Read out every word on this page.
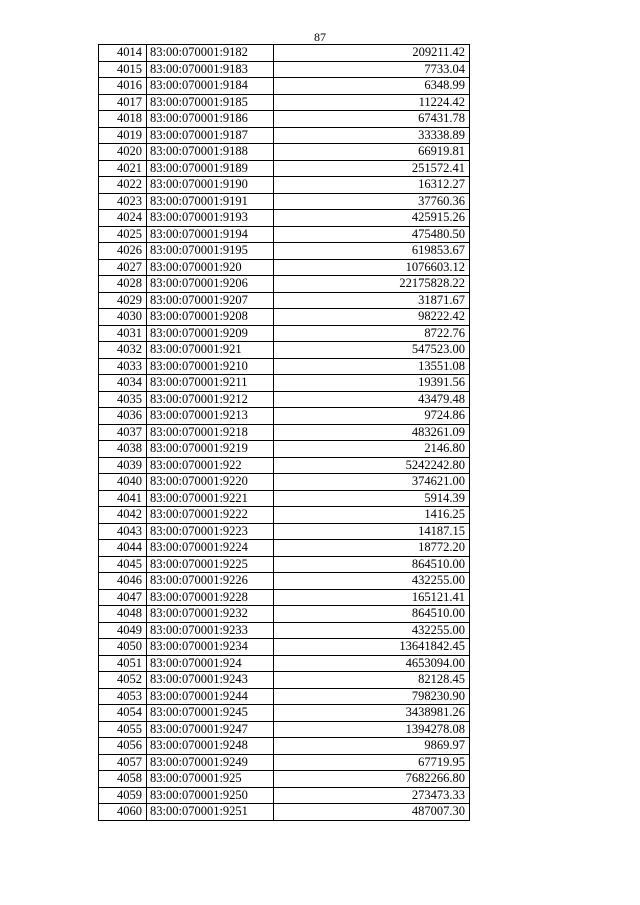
87
4014	83:00:070001:9182	209211.42
4015	83:00:070001:9183	7733.04
4016	83:00:070001:9184	6348.99
4017	83:00:070001:9185	11224.42
4018	83:00:070001:9186	67431.78
4019	83:00:070001:9187	33338.89
4020	83:00:070001:9188	66919.81
4021	83:00:070001:9189	251572.41
4022	83:00:070001:9190	16312.27
4023	83:00:070001:9191	37760.36
4024	83:00:070001:9193	425915.26
4025	83:00:070001:9194	475480.50
4026	83:00:070001:9195	619853.67
4027	83:00:070001:920	1076603.12
4028	83:00:070001:9206	22175828.22
4029	83:00:070001:9207	31871.67
4030	83:00:070001:9208	98222.42
4031	83:00:070001:9209	8722.76
4032	83:00:070001:921	547523.00
4033	83:00:070001:9210	13551.08
4034	83:00:070001:9211	19391.56
4035	83:00:070001:9212	43479.48
4036	83:00:070001:9213	9724.86
4037	83:00:070001:9218	483261.09
4038	83:00:070001:9219	2146.80
4039	83:00:070001:922	5242242.80
4040	83:00:070001:9220	374621.00
4041	83:00:070001:9221	5914.39
4042	83:00:070001:9222	1416.25
4043	83:00:070001:9223	14187.15
4044	83:00:070001:9224	18772.20
4045	83:00:070001:9225	864510.00
4046	83:00:070001:9226	432255.00
4047	83:00:070001:9228	165121.41
4048	83:00:070001:9232	864510.00
4049	83:00:070001:9233	432255.00
4050	83:00:070001:9234	13641842.45
4051	83:00:070001:924	4653094.00
4052	83:00:070001:9243	82128.45
4053	83:00:070001:9244	798230.90
4054	83:00:070001:9245	3438981.26
4055	83:00:070001:9247	1394278.08
4056	83:00:070001:9248	9869.97
4057	83:00:070001:9249	67719.95
4058	83:00:070001:925	7682266.80
4059	83:00:070001:9250	273473.33
4060	83:00:070001:9251	487007.30
